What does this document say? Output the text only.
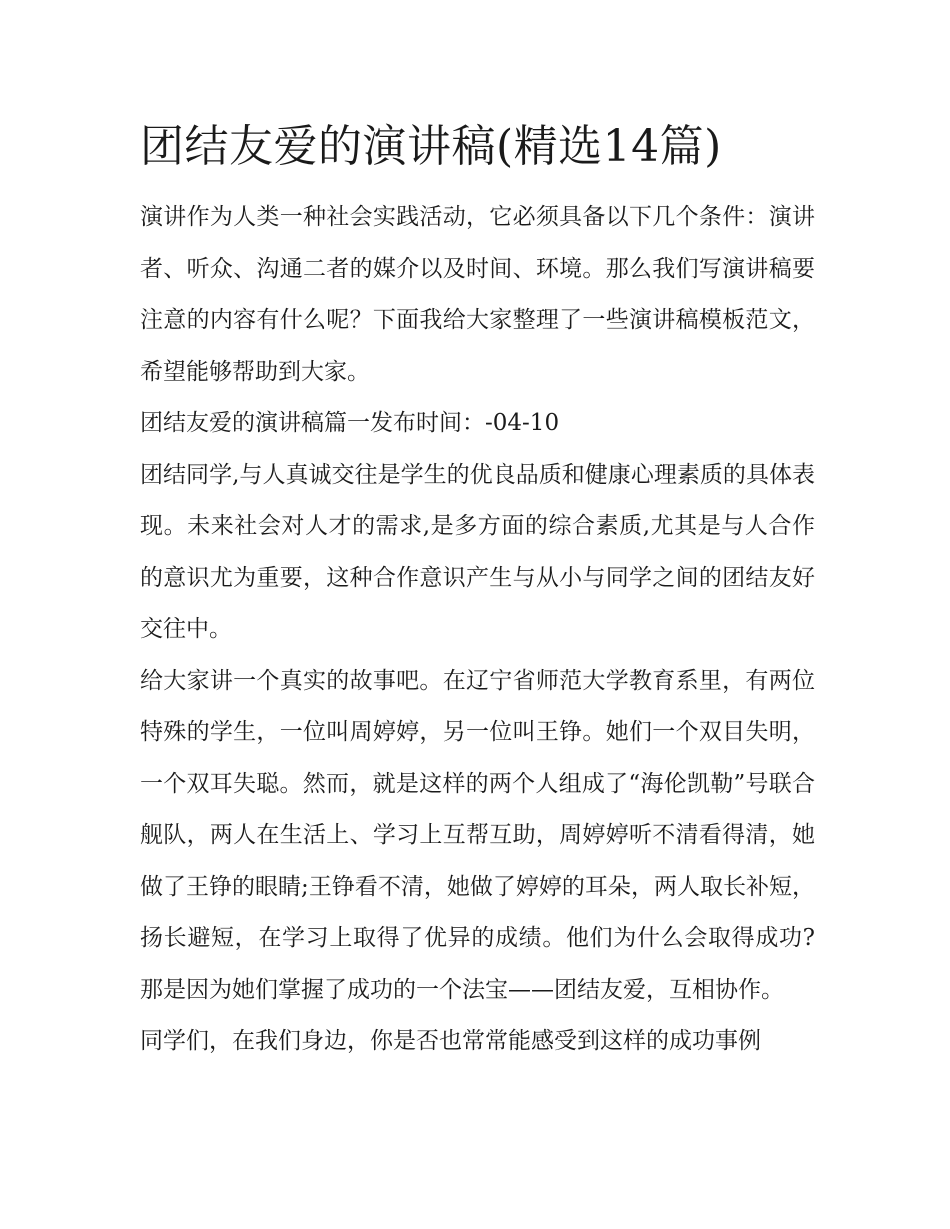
团结友爱的演讲稿(精选14篇)

演讲作为人类一种社会实践活动，它必须具备以下几个条件：演讲者、听众、沟通二者的媒介以及时间、环境。那么我们写演讲稿要注意的内容有什么呢？下面我给大家整理了一些演讲稿模板范文，希望能够帮助到大家。

团结友爱的演讲稿篇一发布时间：-04-10

团结同学,与人真诚交往是学生的优良品质和健康心理素质的具体表现。未来社会对人才的需求,是多方面的综合素质,尤其是与人合作的意识尤为重要，这种合作意识产生与从小与同学之间的团结友好交往中。

给大家讲一个真实的故事吧。在辽宁省师范大学教育系里，有两位特殊的学生，一位叫周婷婷，另一位叫王铮。她们一个双目失明，一个双耳失聪。然而，就是这样的两个人组成了“海伦凯勒”号联合舰队，两人在生活上、学习上互帮互助，周婷婷听不清看得清，她做了王铮的眼睛;王铮看不清，她做了婷婷的耳朵，两人取长补短，扬长避短，在学习上取得了优异的成绩。他们为什么会取得成功?那是因为她们掌握了成功的一个法宝——团结友爱，互相协作。

同学们，在我们身边，你是否也常常能感受到这样的成功事例
